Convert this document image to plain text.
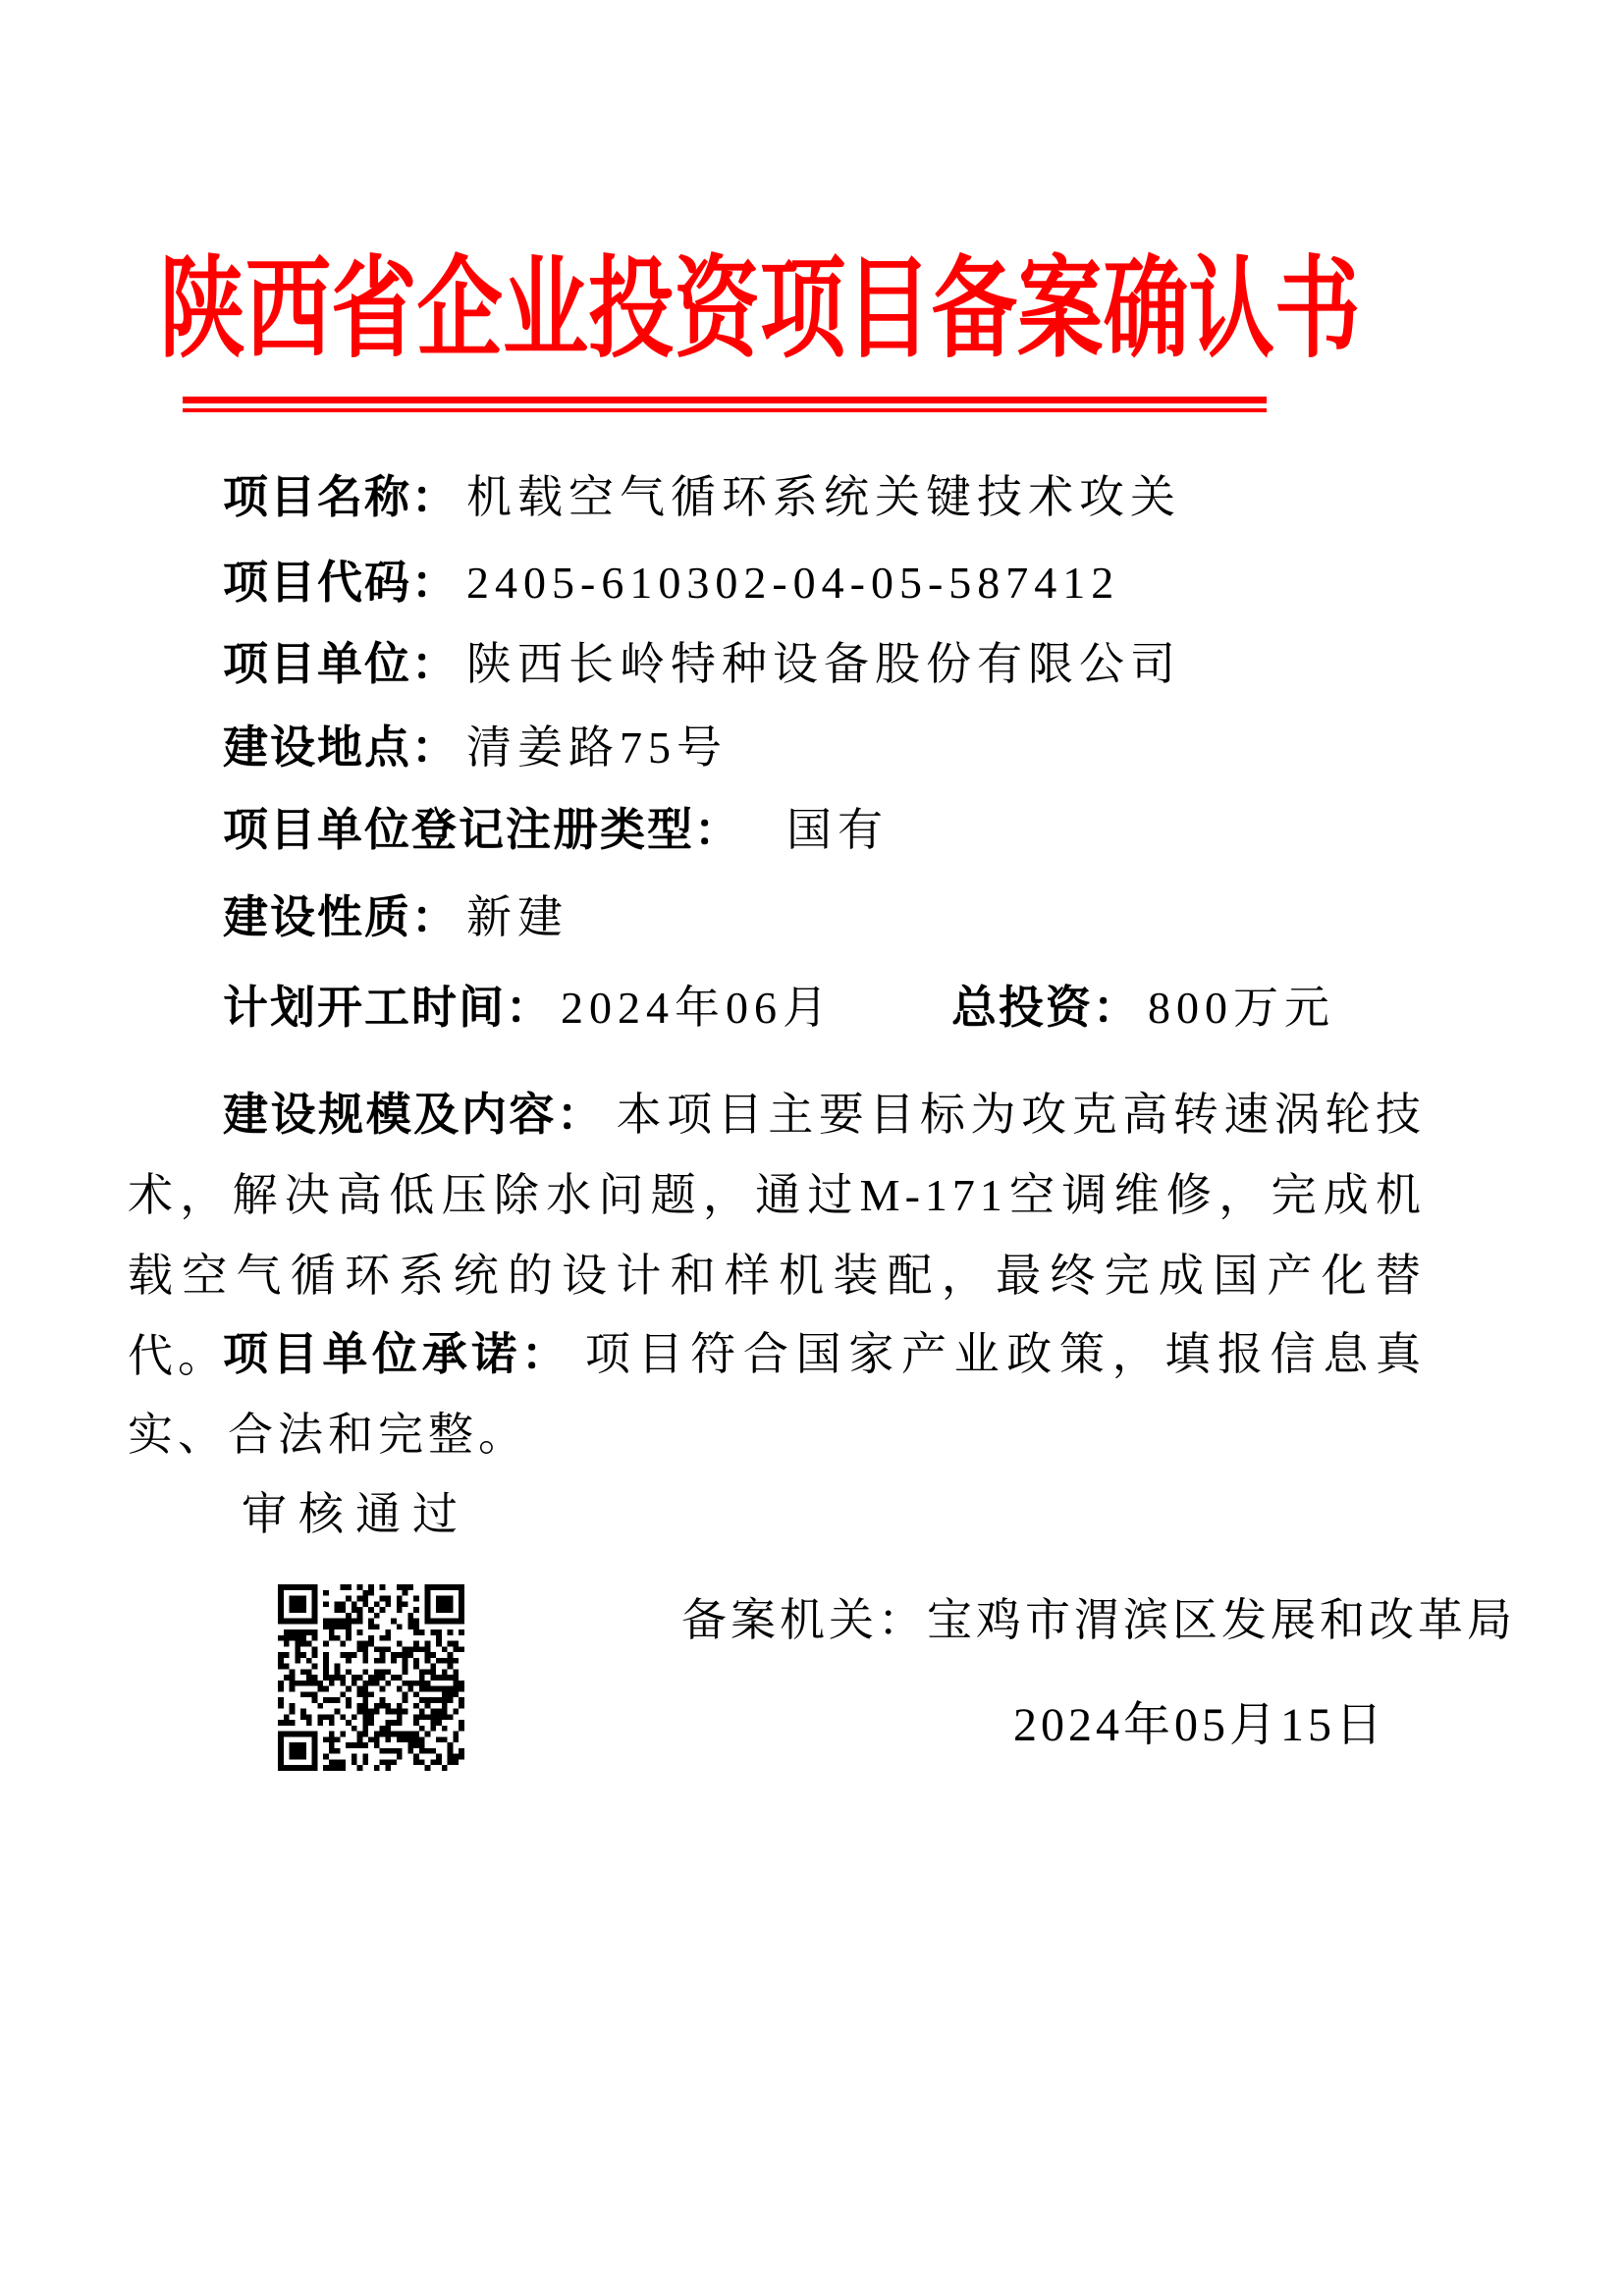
陕西省企业投资项目备案确认书
项目名称： 机载空气循环系统关键技术攻关
项目代码： 2405-610302-04-05-587412
项目单位： 陕西长岭特种设备股份有限公司
建设地点： 清姜路75号
项目单位登记注册类型： 国有
建设性质： 新建
计划开工时间： 2024年06月	总投资： 800万元

建设规模及内容： 本项目主要目标为攻克高转速涡轮技术，解决高低压除水问题，通过M-171空调维修，完成机载空气循环系统的设计和样机装配，最终完成国产化替代。

项目单位承诺： 项目符合国家产业政策，填报信息真实、合法和完整。

审核通过
备案机关：宝鸡市渭滨区发展和改革局
2024年05月15日
